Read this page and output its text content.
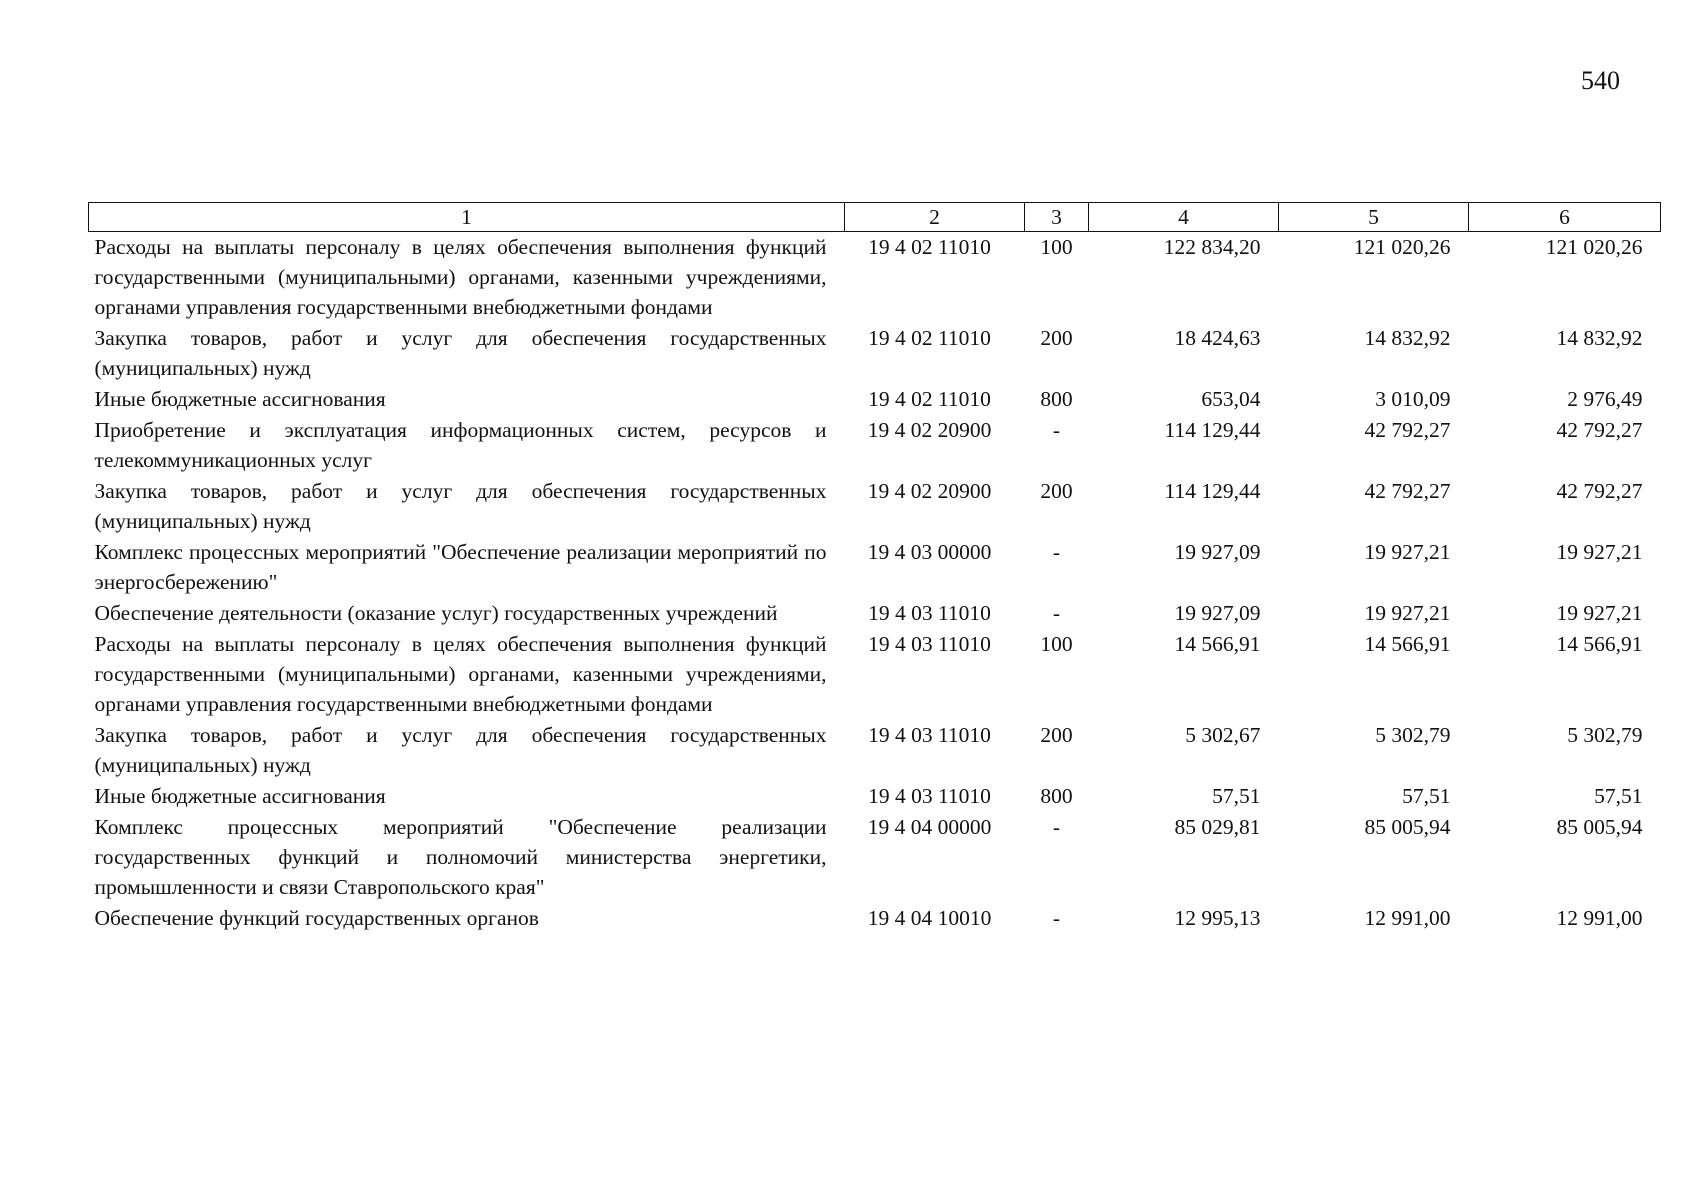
540
1	2	3	4	5	6
Расходы на выплаты персоналу в целях обеспечения выполнения функций государственными (муниципальными) органами, казенными учреждениями, органами управления государственными внебюджетными фондами	19 4 02 11010	100	122 834,20	121 020,26	121 020,26
Закупка товаров, работ и услуг для обеспечения государственных (муниципальных) нужд	19 4 02 11010	200	18 424,63	14 832,92	14 832,92
Иные бюджетные ассигнования	19 4 02 11010	800	653,04	3 010,09	2 976,49
Приобретение и эксплуатация информационных систем, ресурсов и телекоммуникационных услуг	19 4 02 20900	-	114 129,44	42 792,27	42 792,27
Закупка товаров, работ и услуг для обеспечения государственных (муниципальных) нужд	19 4 02 20900	200	114 129,44	42 792,27	42 792,27
Комплекс процессных мероприятий "Обеспечение реализации мероприятий по энергосбережению"	19 4 03 00000	-	19 927,09	19 927,21	19 927,21
Обеспечение деятельности (оказание услуг) государственных учреждений	19 4 03 11010	-	19 927,09	19 927,21	19 927,21
Расходы на выплаты персоналу в целях обеспечения выполнения функций государственными (муниципальными) органами, казенными учреждениями, органами управления государственными внебюджетными фондами	19 4 03 11010	100	14 566,91	14 566,91	14 566,91
Закупка товаров, работ и услуг для обеспечения государственных (муниципальных) нужд	19 4 03 11010	200	5 302,67	5 302,79	5 302,79
Иные бюджетные ассигнования	19 4 03 11010	800	57,51	57,51	57,51
Комплекс процессных мероприятий "Обеспечение реализации государственных функций и полномочий министерства энергетики, промышленности и связи Ставропольского края"	19 4 04 00000	-	85 029,81	85 005,94	85 005,94
Обеспечение функций государственных органов	19 4 04 10010	-	12 995,13	12 991,00	12 991,00
